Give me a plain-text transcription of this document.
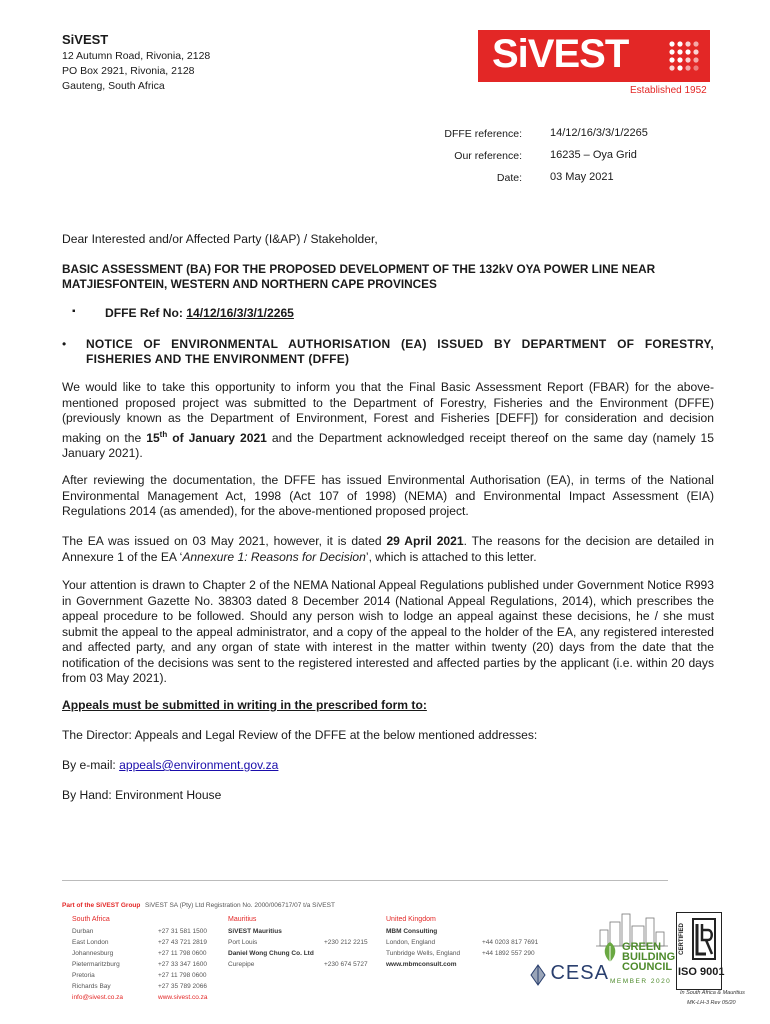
SiVEST
12 Autumn Road, Rivonia, 2128
PO Box 2921, Rivonia, 2128
Gauteng, South Africa
SiVEST
Established 1952
DFFE reference:	14/12/16/3/3/1/2265
Our reference:	16235 – Oya Grid
Date:	03 May 2021
Dear Interested and/or Affected Party (I&AP) / Stakeholder,
BASIC ASSESSMENT (BA) FOR THE PROPOSED DEVELOPMENT OF THE 132kV OYA POWER LINE NEAR
MATJIESFONTEIN, WESTERN AND NORTHERN CAPE PROVINCES
▪ DFFE Ref No: 14/12/16/3/3/1/2265
• NOTICE OF ENVIRONMENTAL AUTHORISATION (EA) ISSUED BY DEPARTMENT OF FORESTRY,
FISHERIES AND THE ENVIRONMENT (DFFE)
We would like to take this opportunity to inform you that the Final Basic Assessment Report (FBAR) for the above-mentioned proposed project was submitted to the Department of Forestry, Fisheries and the Environment (DFFE) (previously known as the Department of Environment, Forest and Fisheries [DEFF]) for consideration and decision making on the 15th of January 2021 and the Department acknowledged receipt thereof on the same day (namely 15 January 2021).
After reviewing the documentation, the DFFE has issued Environmental Authorisation (EA), in terms of the National Environmental Management Act, 1998 (Act 107 of 1998) (NEMA) and Environmental Impact Assessment (EIA) Regulations 2014 (as amended), for the above-mentioned proposed project.
The EA was issued on 03 May 2021, however, it is dated 29 April 2021. The reasons for the decision are detailed in Annexure 1 of the EA ‘Annexure 1: Reasons for Decision’, which is attached to this letter.
Your attention is drawn to Chapter 2 of the NEMA National Appeal Regulations published under Government Notice R993 in Government Gazette No. 38303 dated 8 December 2014 (National Appeal Regulations, 2014), which prescribes the appeal procedure to be followed. Should any person wish to lodge an appeal against these decisions, he / she must submit the appeal to the appeal administrator, and a copy of the appeal to the holder of the EA, any registered interested and affected party, and any organ of state with interest in the matter within twenty (20) days from the date that the notification of the decisions was sent to the registered interested and affected parties by the applicant (i.e. within 20 days from 03 May 2021).
Appeals must be submitted in writing in the prescribed form to:
The Director: Appeals and Legal Review of the DFFE at the below mentioned addresses:
By e-mail: appeals@environment.gov.za
By Hand: Environment House
Part of the SiVEST Group SiVEST SA (Pty) Ltd Registration No. 2000/006717/07 t/a SiVEST
South Africa
Durban	+27 31 581 1500
East London	+27 43 721 2819
Johannesburg	+27 11 798 0600
Pietermaritzburg	+27 33 347 1600
Pretoria	+27 11 798 0600
Richards Bay	+27 35 789 2066
info@sivest.co.za	www.sivest.co.za
Mauritius
SiVEST Mauritius
Port Louis	+230 212 2215
Daniel Wong Chung Co. Ltd
Curepipe	+230 674 5727
United Kingdom
MBM Consulting
London, England	+44 0203 817 7691
Tunbridge Wells, England	+44 1892 557 290
www.mbmconsult.com
GREEN
BUILDING
COUNCIL
MEMBER 2020
CESA
CERTIFIED
ISO 9001
In South Africa & Mauritius
MK-LH-3 Rev 05/20
